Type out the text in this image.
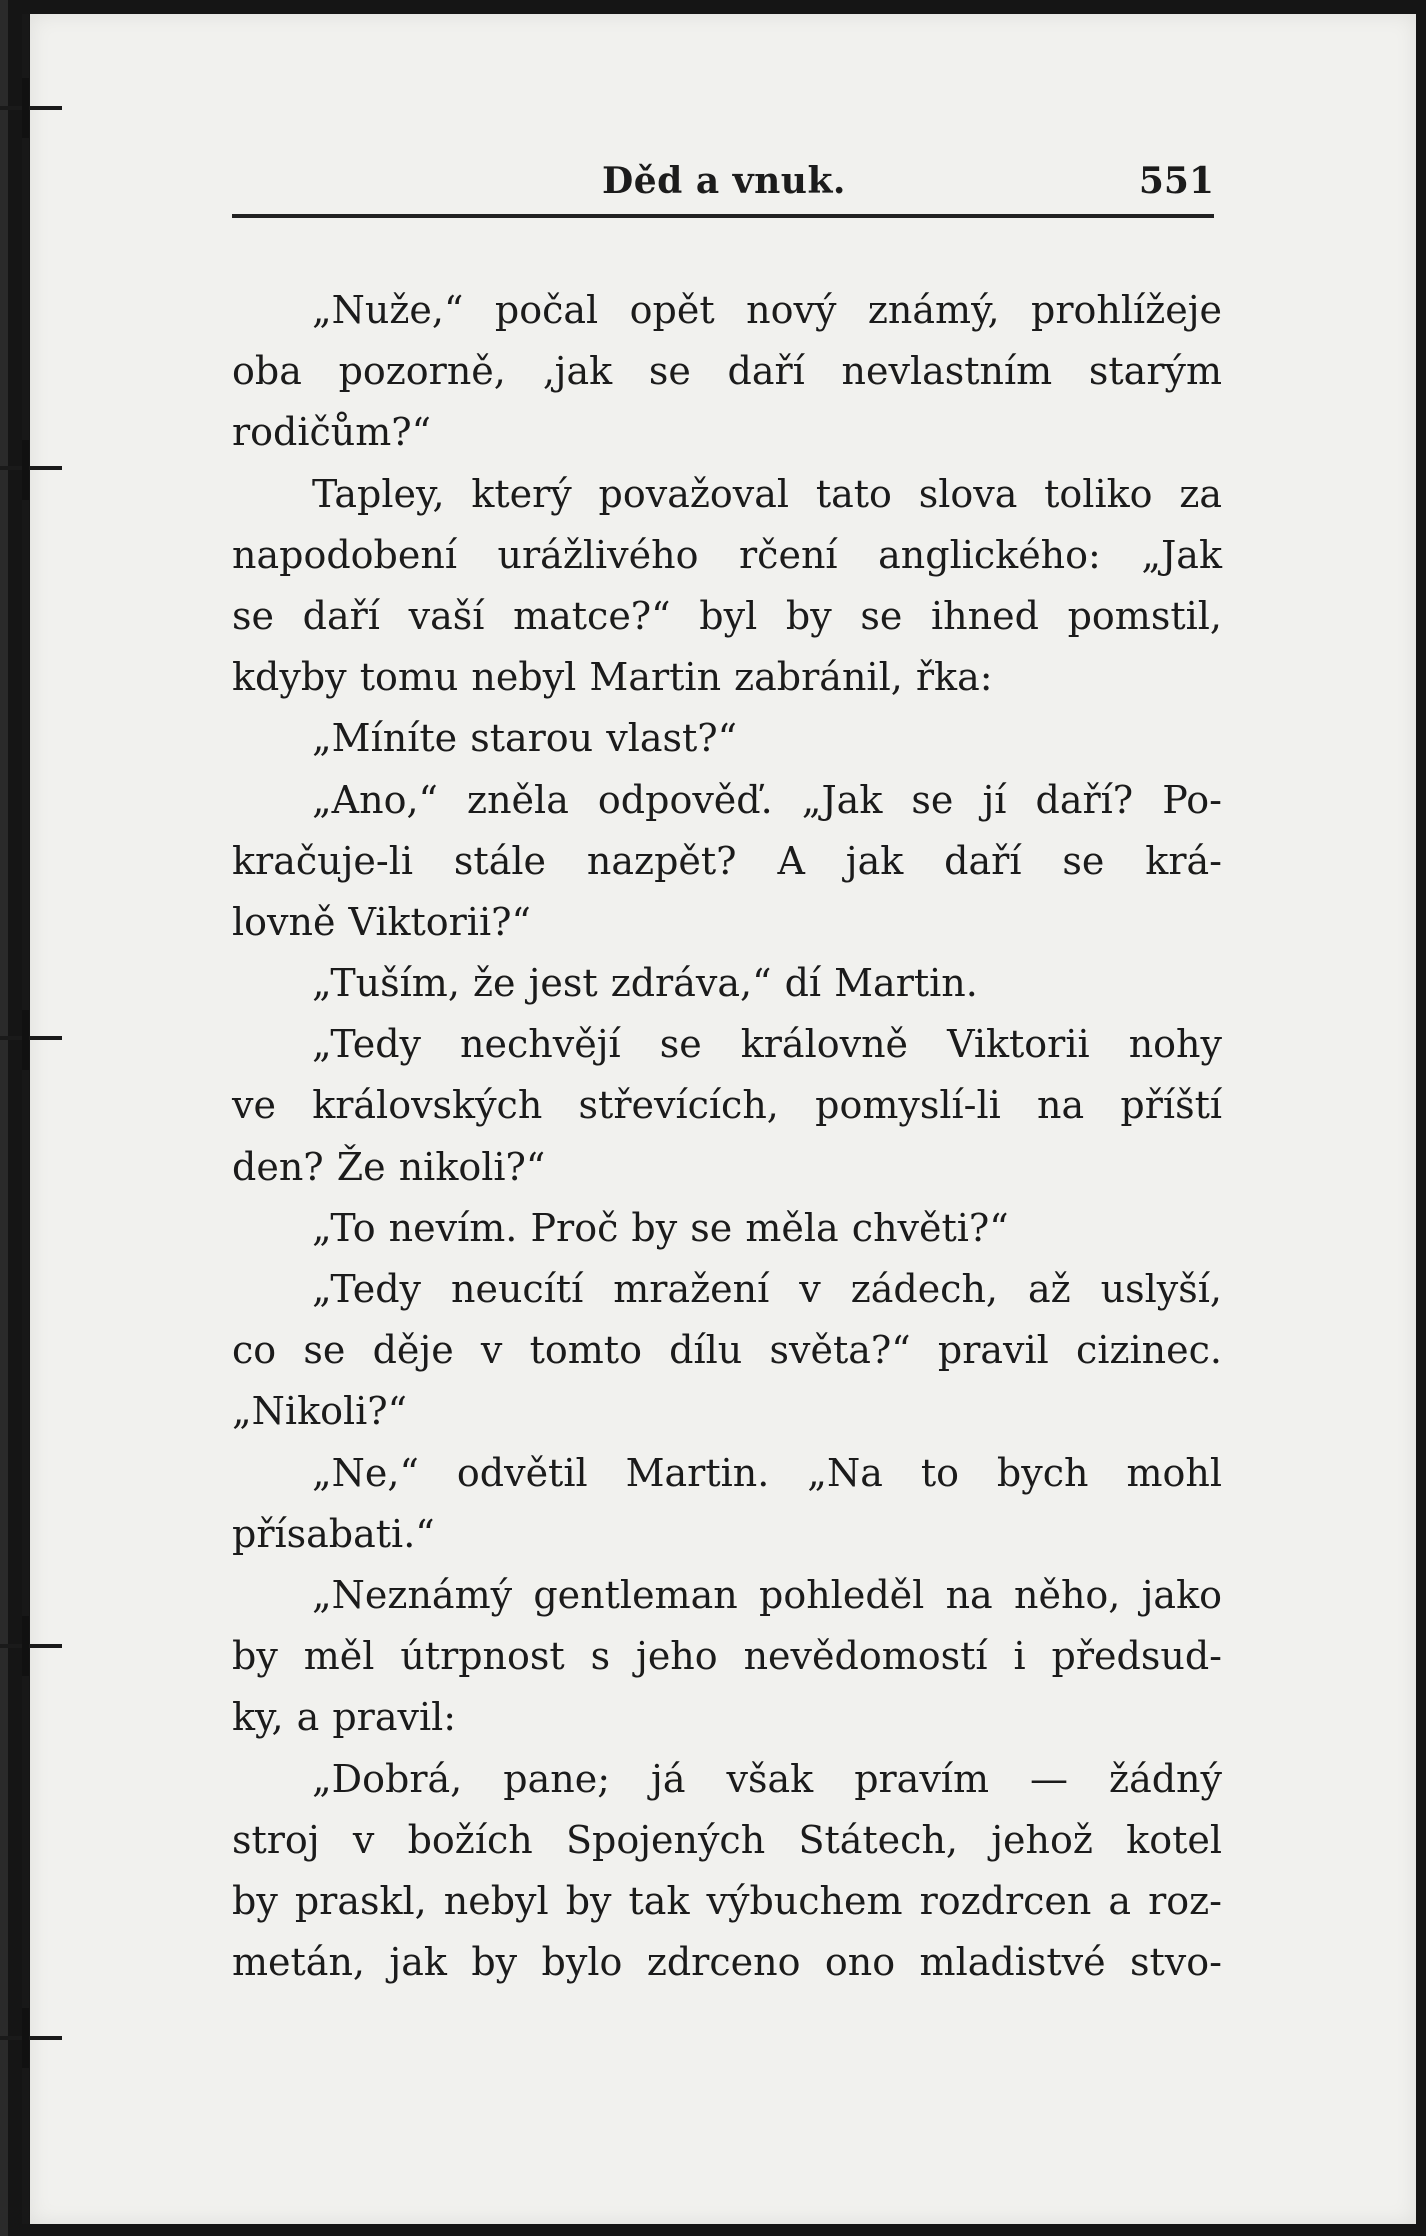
Děd a vnuk.	551
„Nuže,“ počal opět nový známý, prohlížeje
oba pozorně, ‚jak se daří nevlastním starým
rodičům?“
Tapley, který považoval tato slova toliko za
napodobení urážlivého rčení anglického: „Jak
se daří vaší matce?“ byl by se ihned pomstil,
kdyby tomu nebyl Martin zabránil, řka:
„Míníte starou vlast?“
„Ano,“ zněla odpověď. „Jak se jí daří? Po-
kračuje-li stále nazpět? A jak daří se krá-
lovně Viktorii?“
„Tuším, že jest zdráva,“ dí Martin.
„Tedy nechvějí se královně Viktorii nohy
ve královských střevících, pomyslí-li na příští
den? Že nikoli?“
„To nevím. Proč by se měla chvěti?“
„Tedy neucítí mražení v zádech, až uslyší,
co se děje v tomto dílu světa?“ pravil cizinec.
„Nikoli?“
„Ne,“ odvětil Martin. „Na to bych mohl
přísabati.“
„Neznámý gentleman pohleděl na něho, jako
by měl útrpnost s jeho nevědomostí i předsud-
ky, a pravil:
„Dobrá, pane; já však pravím — žádný
stroj v božích Spojených Státech, jehož kotel
by praskl, nebyl by tak výbuchem rozdrcen a roz-
metán, jak by bylo zdrceno ono mladistvé stvo-
